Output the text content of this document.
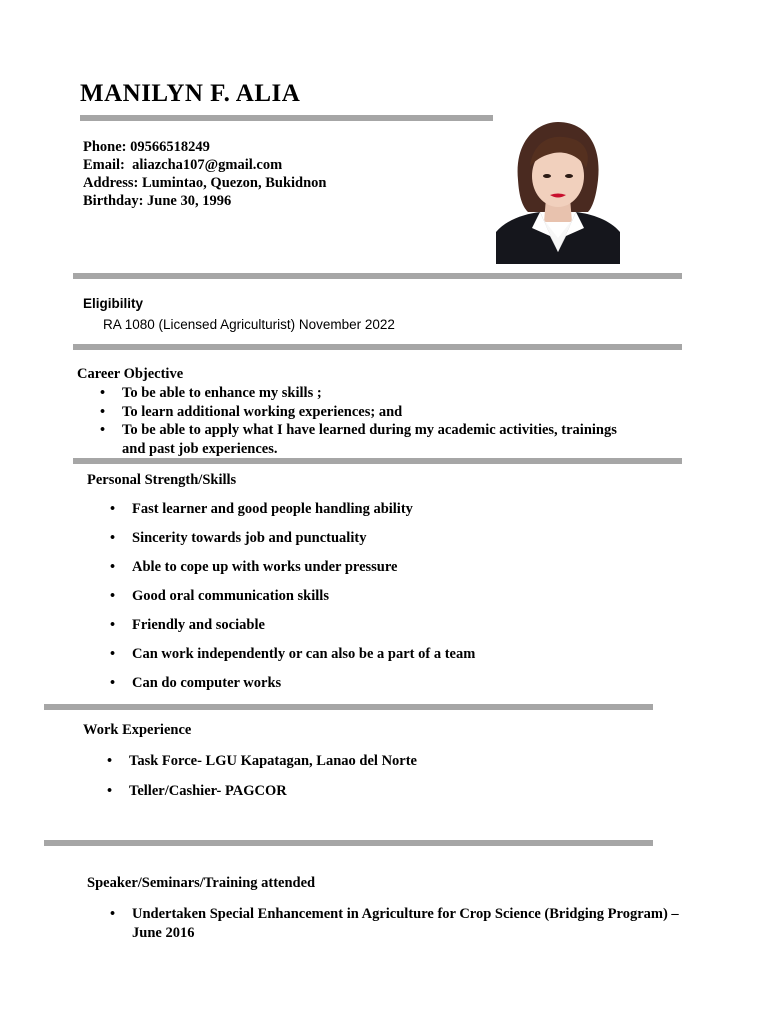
MANILYN F. ALIA
Phone: 09566518249
Email:  aliazcha107@gmail.com
Address: Lumintao, Quezon, Bukidnon
Birthday: June 30, 1996
Eligibility
RA 1080 (Licensed Agriculturist) November 2022
Career Objective
• To be able to enhance my skills ;
• To learn additional working experiences; and
• To be able to apply what I have learned during my academic activities, trainings and past job experiences.
Personal Strength/Skills
• Fast learner and good people handling ability
• Sincerity towards job and punctuality
• Able to cope up with works under pressure
• Good oral communication skills
• Friendly and sociable
• Can work independently or can also be a part of a team
• Can do computer works
Work Experience
• Task Force- LGU Kapatagan, Lanao del Norte
• Teller/Cashier- PAGCOR
Speaker/Seminars/Training attended
• Undertaken Special Enhancement in Agriculture for Crop Science (Bridging Program) – June 2016
